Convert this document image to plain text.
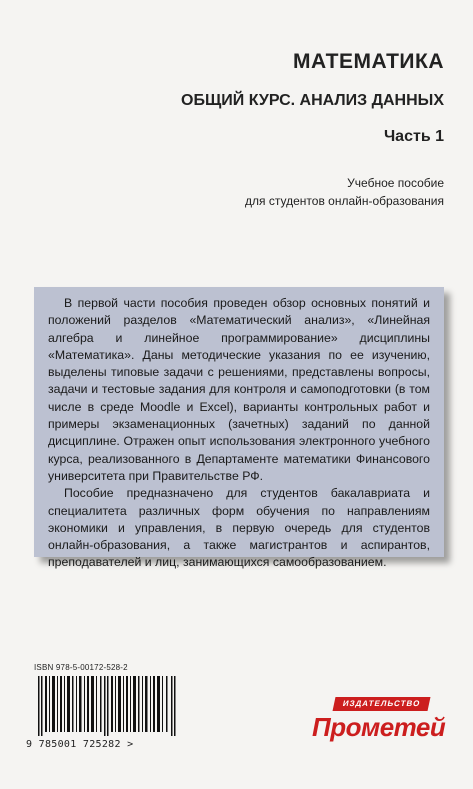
МАТЕМАТИКА
ОБЩИЙ КУРС. АНАЛИЗ ДАННЫХ
Часть 1
Учебное пособие
для студентов онлайн-образования

В первой части пособия проведен обзор основных понятий и положений разделов «Математический анализ», «Линейная алгебра и линейное программирование» дисциплины «Математика». Даны методические указания по ее изучению, выделены типовые задачи с решениями, представлены вопросы, задачи и тестовые задания для контроля и самоподготовки (в том числе в среде Moodle и Excel), варианты контрольных работ и примеры экзаменационных (зачетных) заданий по данной дисциплине. Отражен опыт использования электронного учебного курса, реализованного в Департаменте математики Финансового университета при Правительстве РФ.

Пособие предназначено для студентов бакалавриата и специалитета различных форм обучения по направлениям экономики и управления, в первую очередь для студентов онлайн-образования, а также магистрантов и аспирантов, преподавателей и лиц, занимающихся самообразованием.

ISBN 978-5-00172-528-2
9 785001 725282 >
ИЗДАТЕЛЬСТВО
Прометей
